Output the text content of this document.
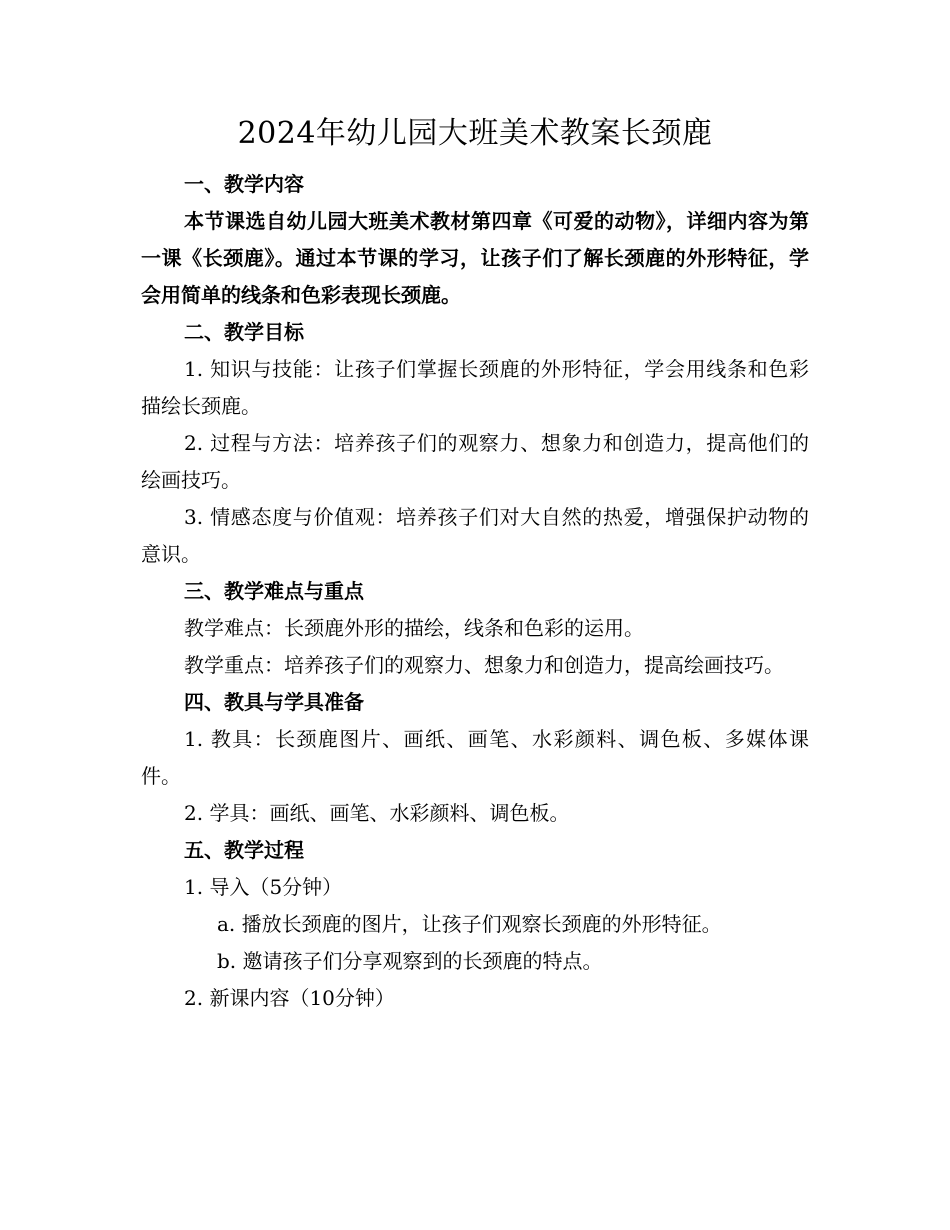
2024年幼儿园大班美术教案长颈鹿

一、教学内容

本节课选自幼儿园大班美术教材第四章《可爱的动物》，详细内容为第一课《长颈鹿》。通过本节课的学习，让孩子们了解长颈鹿的外形特征，学会用简单的线条和色彩表现长颈鹿。

二、教学目标

1. 知识与技能：让孩子们掌握长颈鹿的外形特征，学会用线条和色彩描绘长颈鹿。

2. 过程与方法：培养孩子们的观察力、想象力和创造力，提高他们的绘画技巧。

3. 情感态度与价值观：培养孩子们对大自然的热爱，增强保护动物的意识。

三、教学难点与重点

教学难点：长颈鹿外形的描绘，线条和色彩的运用。

教学重点：培养孩子们的观察力、想象力和创造力，提高绘画技巧。

四、教具与学具准备

1. 教具：长颈鹿图片、画纸、画笔、水彩颜料、调色板、多媒体课件。

2. 学具：画纸、画笔、水彩颜料、调色板。

五、教学过程

1. 导入（5分钟）

a. 播放长颈鹿的图片，让孩子们观察长颈鹿的外形特征。

b. 邀请孩子们分享观察到的长颈鹿的特点。

2. 新课内容（10分钟）
